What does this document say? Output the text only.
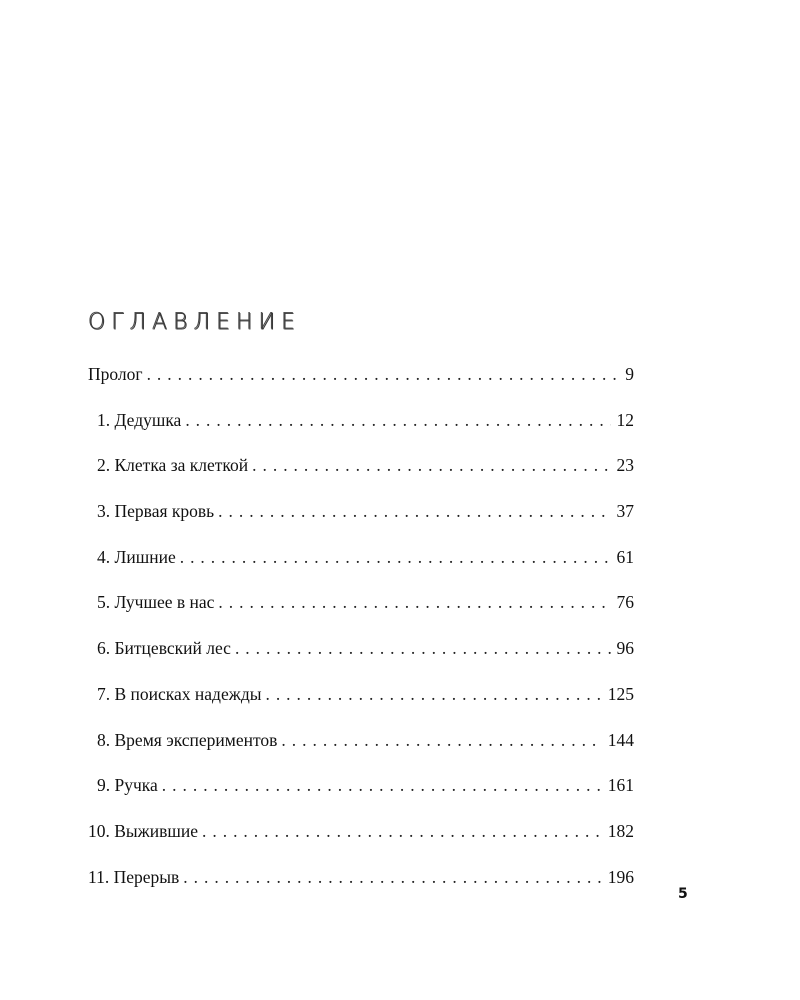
ОГЛАВЛЕНИЕ
Пролог . . .	9
1. Дедушка . . .	12
2. Клетка за клеткой . . .	23
3. Первая кровь . . .	37
4. Лишние . . .	61
5. Лучшее в нас . . .	76
6. Битцевский лес . . .	96
7. В поисках надежды . . .	125
8. Время экспериментов . . .	144
9. Ручка . . .	161
10. Выжившие . . .	182
11. Перерыв . . .	196
5
